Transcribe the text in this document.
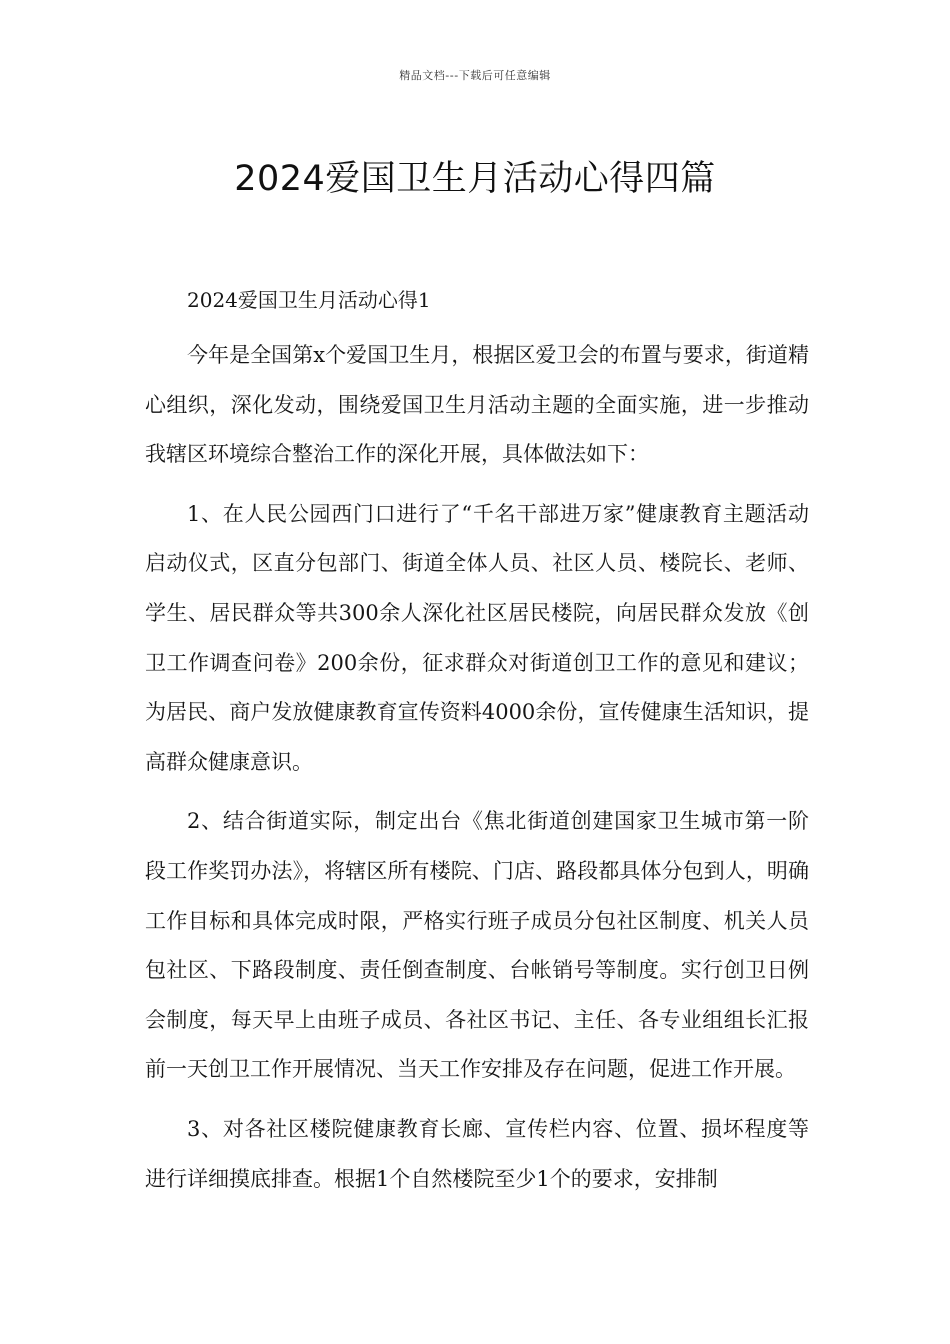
精品文档---下载后可任意编辑
2024爱国卫生月活动心得四篇

2024爱国卫生月活动心得1

今年是全国第x个爱国卫生月，根据区爱卫会的布置与要求，街道精心组织，深化发动，围绕爱国卫生月活动主题的全面实施，进一步推动我辖区环境综合整治工作的深化开展，具体做法如下：

1、在人民公园西门口进行了“千名干部进万家”健康教育主题活动启动仪式，区直分包部门、街道全体人员、社区人员、楼院长、老师、学生、居民群众等共300余人深化社区居民楼院，向居民群众发放《创卫工作调查问卷》200余份，征求群众对街道创卫工作的意见和建议；为居民、商户发放健康教育宣传资料4000余份，宣传健康生活知识，提高群众健康意识。

2、结合街道实际，制定出台《焦北街道创建国家卫生城市第一阶段工作奖罚办法》，将辖区所有楼院、门店、路段都具体分包到人，明确工作目标和具体完成时限，严格实行班子成员分包社区制度、机关人员包社区、下路段制度、责任倒查制度、台帐销号等制度。实行创卫日例会制度，每天早上由班子成员、各社区书记、主任、各专业组组长汇报前一天创卫工作开展情况、当天工作安排及存在问题，促进工作开展。

3、对各社区楼院健康教育长廊、宣传栏内容、位置、损坏程度等进行详细摸底排查。根据1个自然楼院至少1个的要求，安排制
